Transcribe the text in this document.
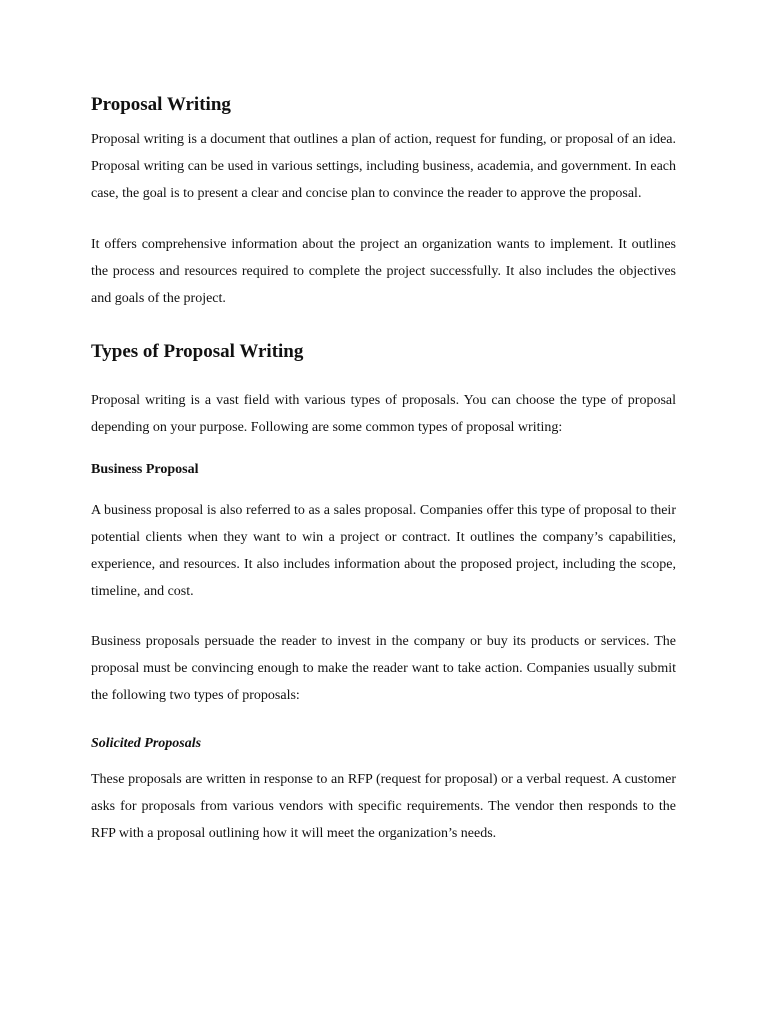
Proposal Writing

Proposal writing is a document that outlines a plan of action, request for funding, or proposal of an idea. Proposal writing can be used in various settings, including business, academia, and government. In each case, the goal is to present a clear and concise plan to convince the reader to approve the proposal.

It offers comprehensive information about the project an organization wants to implement. It outlines the process and resources required to complete the project successfully. It also includes the objectives and goals of the project.

Types of Proposal Writing

Proposal writing is a vast field with various types of proposals. You can choose the type of proposal depending on your purpose. Following are some common types of proposal writing:

Business Proposal

A business proposal is also referred to as a sales proposal. Companies offer this type of proposal to their potential clients when they want to win a project or contract. It outlines the company’s capabilities, experience, and resources. It also includes information about the proposed project, including the scope, timeline, and cost.

Business proposals persuade the reader to invest in the company or buy its products or services. The proposal must be convincing enough to make the reader want to take action. Companies usually submit the following two types of proposals:

Solicited Proposals

These proposals are written in response to an RFP (request for proposal) or a verbal request. A customer asks for proposals from various vendors with specific requirements. The vendor then responds to the RFP with a proposal outlining how it will meet the organization’s needs.
